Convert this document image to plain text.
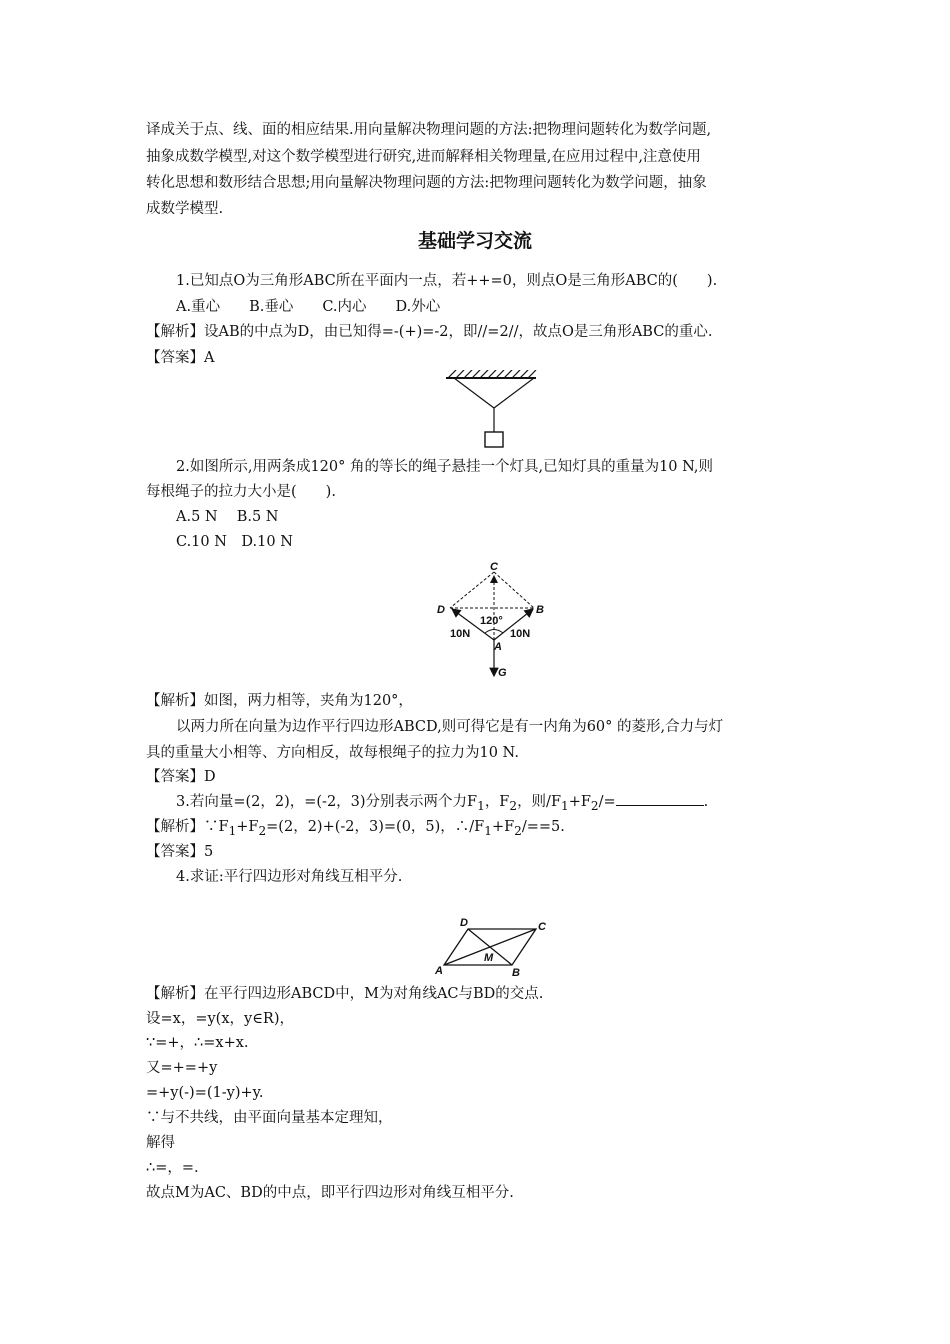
译成关于点、线、面的相应结果.用向量解决物理问题的方法:把物理问题转化为数学问题,
抽象成数学模型,对这个数学模型进行研究,进而解释相关物理量,在应用过程中,注意使用
转化思想和数形结合思想;用向量解决物理问题的方法:把物理问题转化为数学问题，抽象
成数学模型.
基础学习交流
1.已知点O为三角形ABC所在平面内一点，若++=0，则点O是三角形ABC的(　　).
A.重心　　B.垂心　　C.内心　　D.外心
【解析】设AB的中点为D，由已知得=-(+)=-2，即//=2//，故点O是三角形ABC的重心.
【答案】A
2.如图所示,用两条成120° 角的等长的绳子悬挂一个灯具,已知灯具的重量为10 N,则
每根绳子的拉力大小是(　　).
A.5 N　 B.5 N
C.10 N　D.10 N
C
D	B
A
G
120°
10N	10N
【解析】如图，两力相等，夹角为120°，
以两力所在向量为边作平行四边形ABCD,则可得它是有一内角为60° 的菱形,合力与灯
具的重量大小相等、方向相反，故每根绳子的拉力为10 N.
【答案】D
3.若向量=(2，2)，=(-2，3)分别表示两个力$F_1$，$F_2$，则$/F_1+F_2/=$	.
【解析】$\because F_1+F_2=(2$，2)+(-2，3)=(0，5)，$\therefore/F_1+F_2/==5$.
【答案】5
4.求证:平行四边形对角线互相平分.
D	C
A	B
M
【解析】在平行四边形ABCD中，M为对角线AC与BD的交点.
设=x，=y(x，y∈R)，
∵=+，∴=x+x.
又=+=+y
=+y(-)=(1-y)+y.
∵与不共线，由平面向量基本定理知，
解得
∴=，=.
故点M为AC、BD的中点，即平行四边形对角线互相平分.
